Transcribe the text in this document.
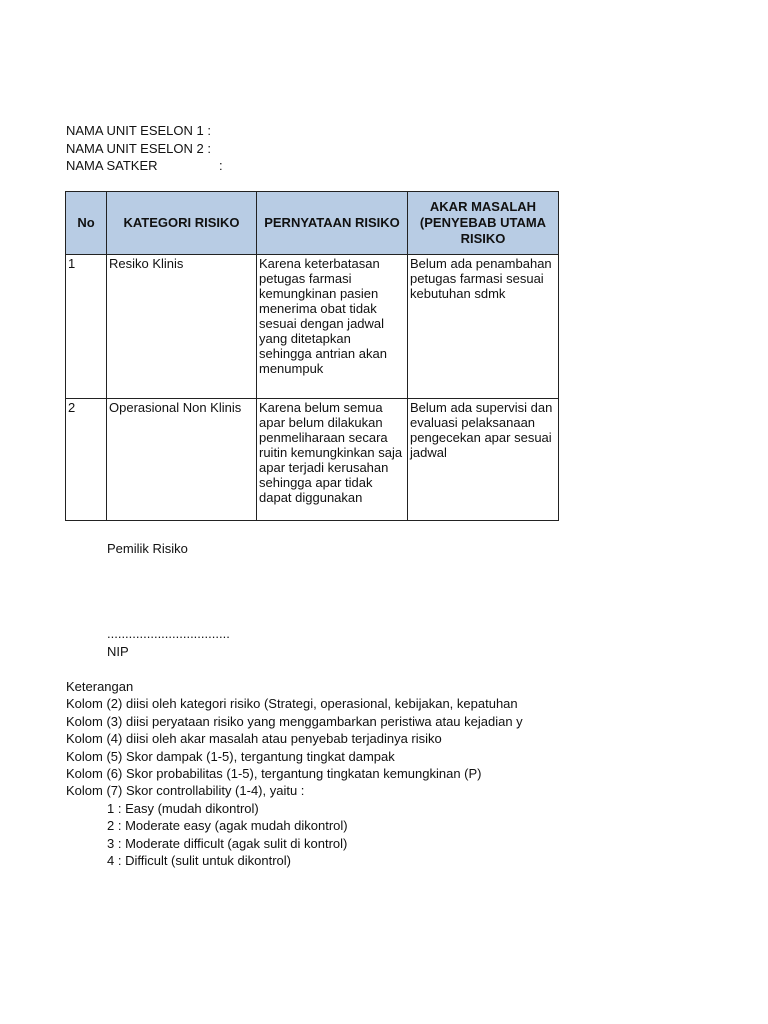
NAMA UNIT ESELON 1 :
NAMA UNIT ESELON 2 :
NAMA SATKER	:
No	KATEGORI RISIKO	PERNYATAAN RISIKO	AKAR MASALAH (PENYEBAB UTAMA RISIKO
1	Resiko Klinis	Karena keterbatasan petugas farmasi kemungkinan pasien menerima obat tidak sesuai dengan jadwal yang ditetapkan sehingga antrian akan menumpuk	Belum ada penambahan petugas farmasi sesuai kebutuhan sdmk
2	Operasional Non Klinis	Karena belum semua apar belum dilakukan penmeliharaan secara ruitin kemungkinkan saja apar terjadi kerusahan sehingga apar tidak dapat diggunakan	Belum ada supervisi dan evaluasi pelaksanaan pengecekan apar sesuai jadwal
Pemilik Risiko
..................................
NIP
Keterangan
Kolom (2) diisi oleh kategori risiko (Strategi, operasional, kebijakan, kepatuhan
Kolom (3) diisi peryataan risiko yang menggambarkan peristiwa atau kejadian y
Kolom (4) diisi oleh akar masalah atau penyebab terjadinya risiko
Kolom (5) Skor dampak (1-5), tergantung tingkat dampak
Kolom (6) Skor probabilitas (1-5), tergantung tingkatan kemungkinan (P)
Kolom (7) Skor controllability (1-4), yaitu :
1 : Easy (mudah dikontrol)
2 : Moderate easy (agak mudah dikontrol)
3 : Moderate difficult (agak sulit di kontrol)
4 : Difficult (sulit untuk dikontrol)
